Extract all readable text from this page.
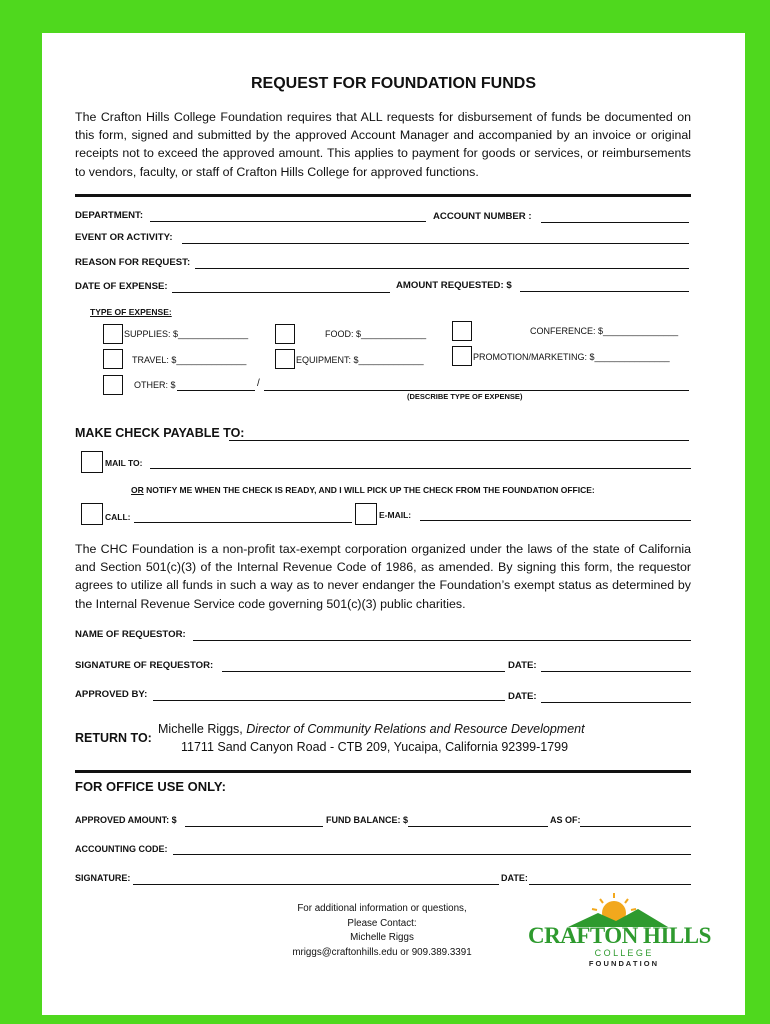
REQUEST FOR FOUNDATION FUNDS
The Crafton Hills College Foundation requires that ALL requests for disbursement of funds be documented on this form, signed and submitted by the approved Account Manager and accompanied by an invoice or original receipts not to exceed the approved amount. This applies to payment for goods or services, or reimbursements to vendors, faculty, or staff of Crafton Hills College for approved functions.
DEPARTMENT:	ACCOUNT NUMBER :
EVENT OR ACTIVITY:
REASON FOR REQUEST:
DATE OF EXPENSE:	AMOUNT REQUESTED: $
TYPE OF EXPENSE:
SUPPLIES: $______________	FOOD: $_____________	CONFERENCE: $_______________
TRAVEL: $______________	EQUIPMENT: $_____________	PROMOTION/MARKETING: $_______________
OTHER: $	/
(DESCRIBE TYPE OF EXPENSE)
MAKE CHECK PAYABLE TO:
MAIL TO:
OR NOTIFY ME WHEN THE CHECK IS READY, AND I WILL PICK UP THE CHECK FROM THE FOUNDATION OFFICE:
CALL:	E-MAIL:
The CHC Foundation is a non-profit tax-exempt corporation organized under the laws of the state of California and Section 501(c)(3) of the Internal Revenue Code of 1986, as amended. By signing this form, the requestor agrees to utilize all funds in such a way as to never endanger the Foundation’s exempt status as determined by the Internal Revenue Service code governing 501(c)(3) public charities.
NAME OF REQUESTOR:
SIGNATURE OF REQUESTOR:	DATE:
APPROVED BY:	DATE:
RETURN TO:
Michelle Riggs, Director of Community Relations and Resource Development
11711 Sand Canyon Road - CTB 209, Yucaipa, California 92399-1799
FOR OFFICE USE ONLY:
APPROVED AMOUNT: $	FUND BALANCE: $	AS OF:
ACCOUNTING CODE:
SIGNATURE:	DATE:
For additional information or questions,
Please Contact:
Michelle Riggs
mriggs@craftonhills.edu or 909.389.3391
CRAFTON HILLS
C O L L E G E
F O U N D A T I O N
